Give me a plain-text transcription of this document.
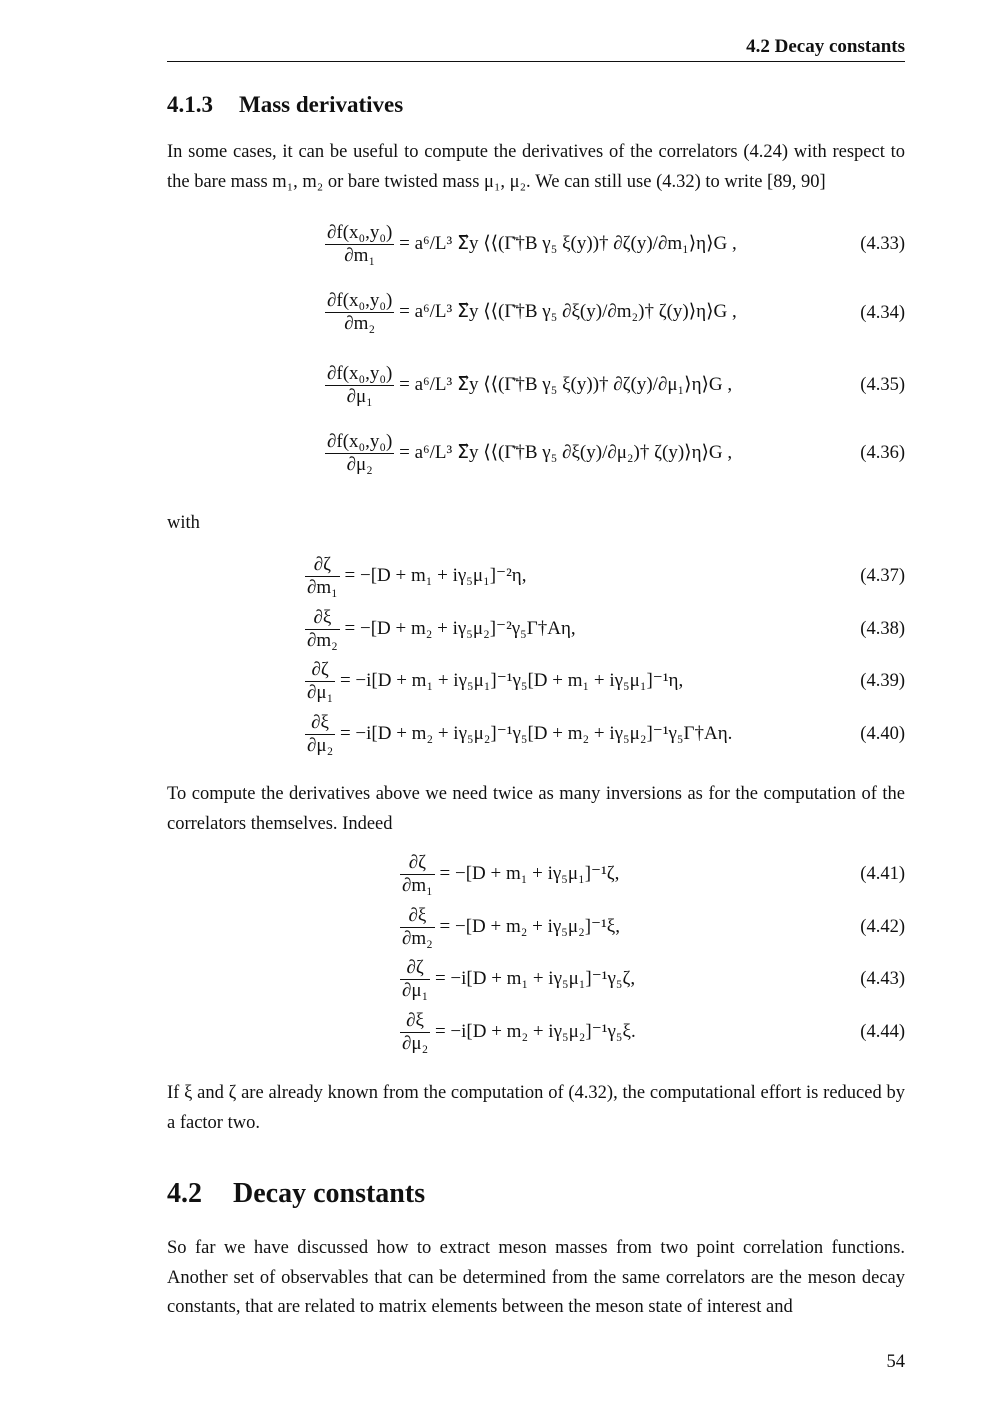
4.2 Decay constants
4.1.3 Mass derivatives

In some cases, it can be useful to compute the derivatives of the correlators (4.24) with respect to the bare mass m₁, m₂ or bare twisted mass μ₁, μ₂. We can still use (4.32) to write [89, 90]

$\frac{\text{∂f(x₀,y₀)}}{\text{∂m₁}} = a^6/L^3$ Σ⃗y ⟨⟨(Γ̄†B γ₅ ξ(y))† ∂ζ(y)/∂m₁⟩η⟩G ,	(4.33)
$\frac{\text{∂f(x₀,y₀)}}{\text{∂m₂}} = a^6/L^3$ Σ⃗y ⟨⟨(Γ̄†B γ₅ ∂ξ(y)/∂m₂)† ζ(y)⟩η⟩G ,	(4.34)
$\frac{\text{∂f(x₀,y₀)}}{\text{∂μ₁}} = a^6/L^3$ Σ⃗y ⟨⟨(Γ̄†B γ₅ ξ(y))† ∂ζ(y)/∂μ₁⟩η⟩G ,	(4.35)
$\frac{\text{∂f(x₀,y₀)}}{\text{∂μ₂}} = a^6/L^3$ Σ⃗y ⟨⟨(Γ̄†B γ₅ ∂ξ(y)/∂μ₂)† ζ(y)⟩η⟩G ,	(4.36)

with

$\frac{\partial\zeta}{\text{∂m₁}} = -[D + m_1 + i\gamma_5\mu_1]^{-2}\eta$,	(4.37)
$\frac{\partial\xi}{\text{∂m₂}} = -[D + m_2$ + iγ₅μ₂]⁻²γ₅Γ†Aη,	(4.38)
$\frac{\partial\zeta}{\text{∂μ₁}} = -i[D + m_1 + i\gamma_5\mu_1]^{-1}\gamma_5[D + m_1 + i\gamma_5\mu_1]^{-1}\eta$,	(4.39)
$\frac{\partial\xi}{\text{∂μ₂}} = -i[D + m_2 + i\gamma_5\mu_2]^{-1}\gamma_5[D + m_2$ + iγ₅μ₂]⁻¹γ₅Γ†Aη.	(4.40)

To compute the derivatives above we need twice as many inversions as for the computation of the correlators themselves. Indeed

$\frac{\partial\zeta}{\text{∂m₁}} = -[D + m_1 + i\gamma_5\mu_1]^{-1}\zeta$,	(4.41)
$\frac{\partial\xi}{\text{∂m₂}} = -[D + m_2 + i\gamma_5\mu_2]^{-1}\xi$,	(4.42)
$\frac{\partial\zeta}{\text{∂μ₁}} = -i[D + m_1 + i\gamma_5\mu_1]^{-1}\gamma_5\zeta$,	(4.43)
$\frac{\partial\xi}{\text{∂μ₂}} = -i[D + m_2 + i\gamma_5\mu_2]^{-1}\gamma_5\xi$.	(4.44)

If ξ and ζ are already known from the computation of (4.32), the computational effort is reduced by a factor two.

4.2 Decay constants

So far we have discussed how to extract meson masses from two point correlation functions. Another set of observables that can be determined from the same correlators are the meson decay constants, that are related to matrix elements between the meson state of interest and

54
